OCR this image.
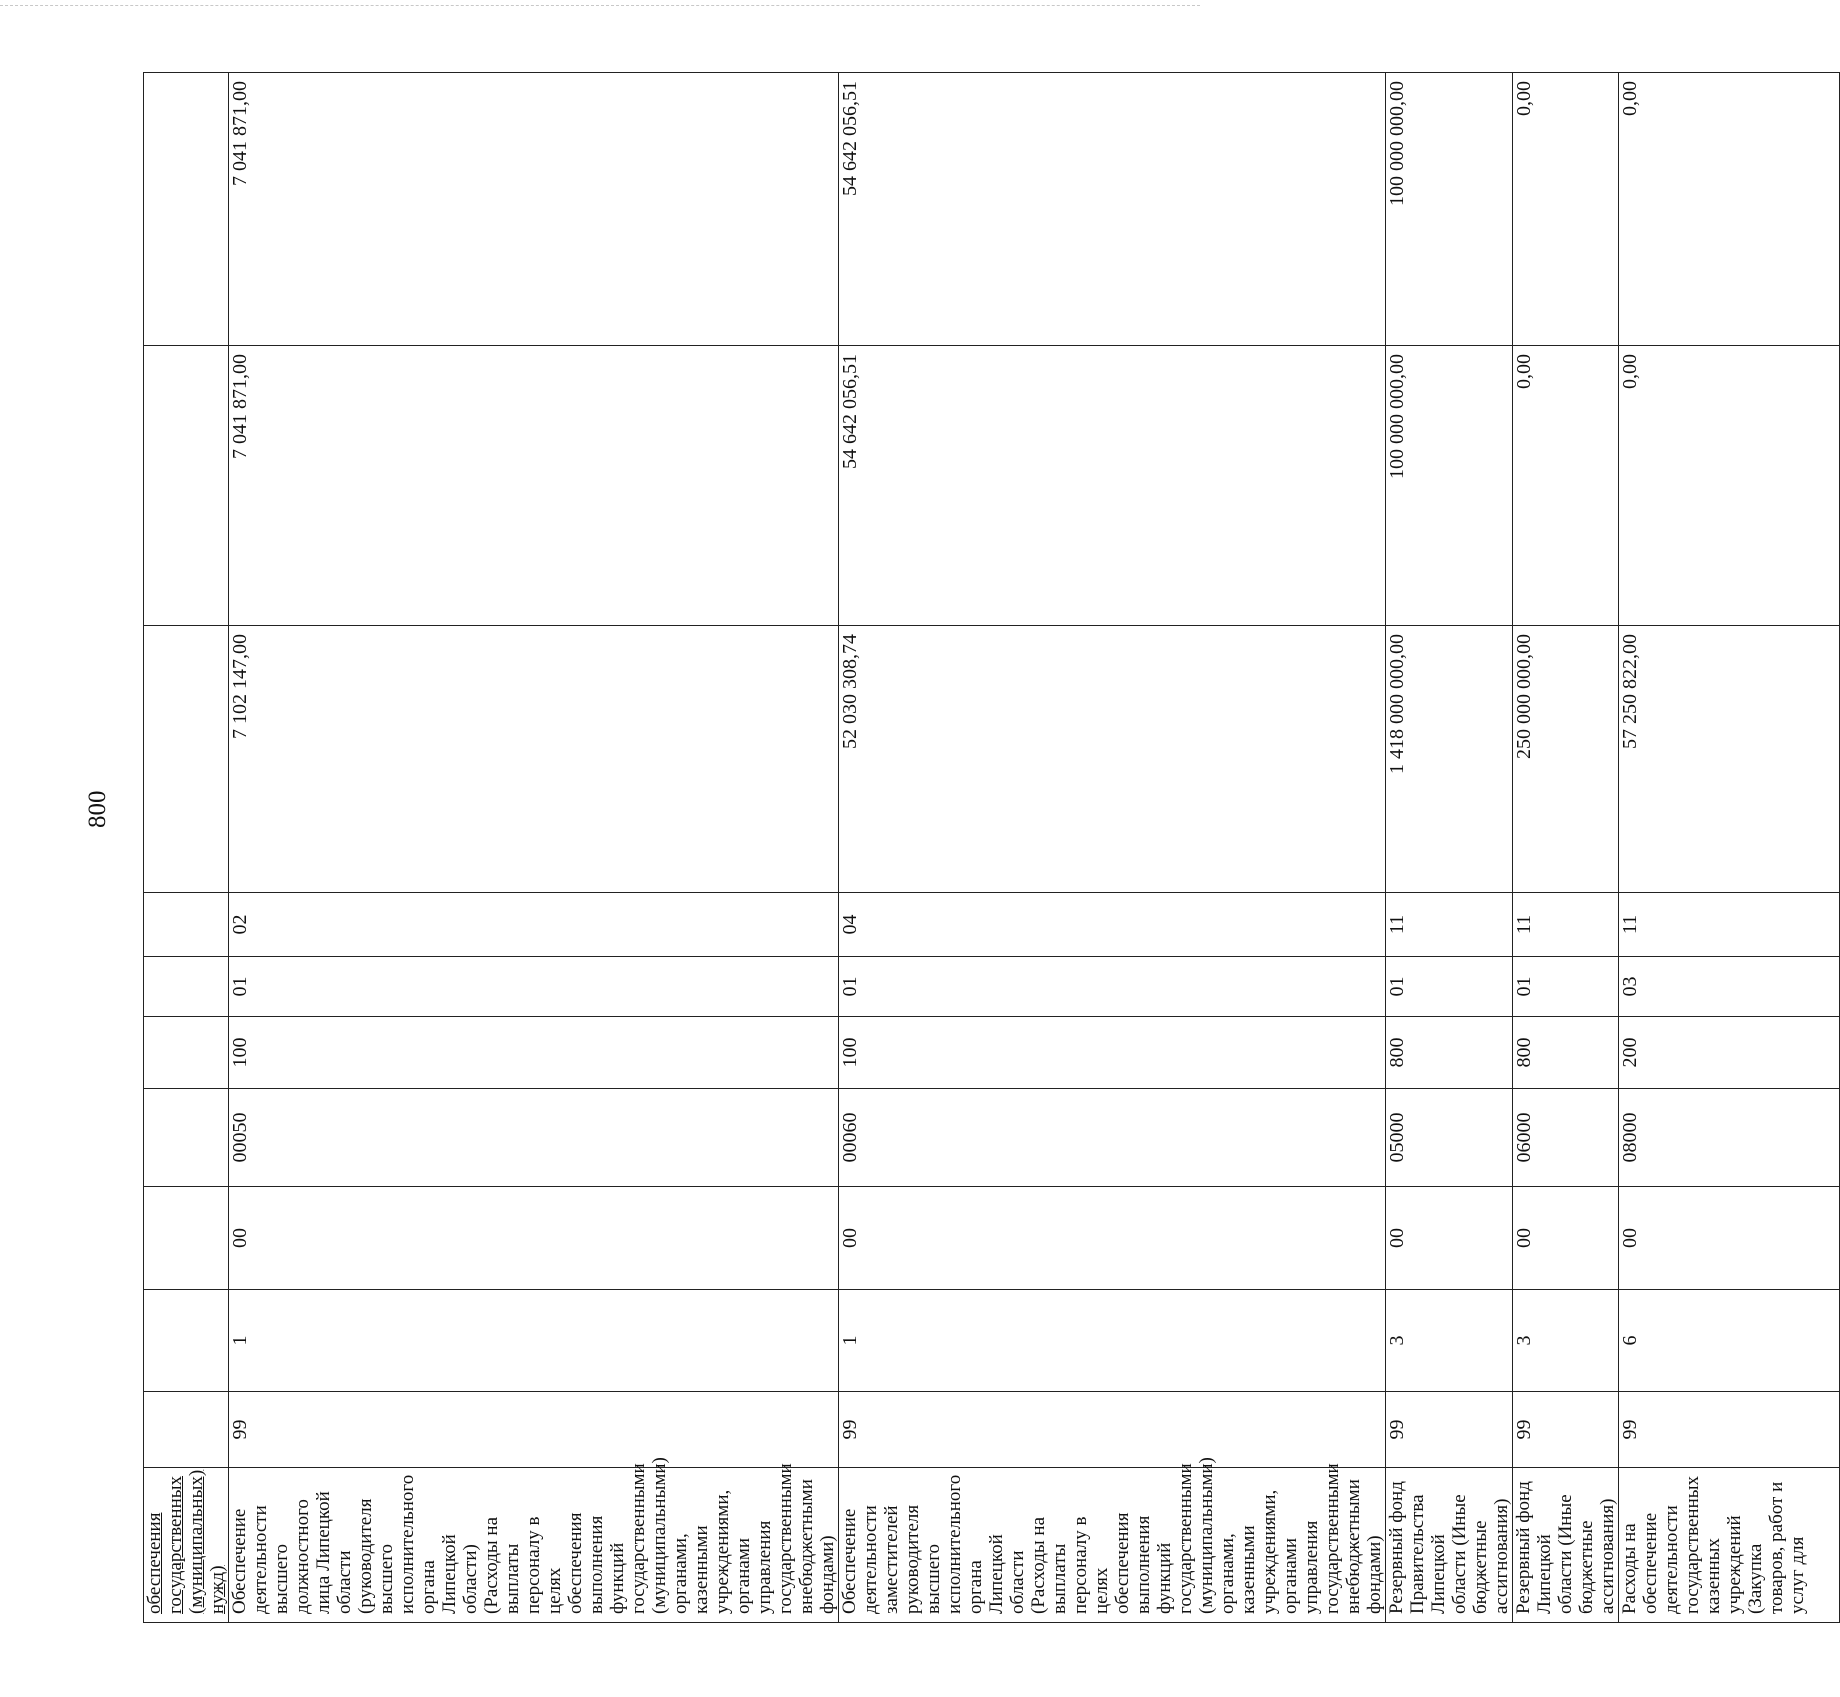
800
обеспечения государственных (муниципальных) нужд)										
Обеспечение деятельности высшего должностного лица Липецкой области (руководителя высшего исполнительного органа Липецкой области) (Расходы на выплаты персоналу в целях обеспечения выполнения функций государственными (муниципальными) органами, казенными учреждениями, органами управления государственными внебюджетными фондами)	99	1	00	00050	100	01	02	7 102 147,00	7 041 871,00	7 041 871,00
Обеспечение деятельности заместителей руководителя высшего исполнительного органа Липецкой области (Расходы на выплаты персоналу в целях обеспечения выполнения функций государственными (муниципальными) органами, казенными учреждениями, органами управления государственными внебюджетными фондами)	99	1	00	00060	100	01	04	52 030 308,74	54 642 056,51	54 642 056,51
Резервный фонд Правительства Липецкой области (Иные бюджетные ассигнования)	99	3	00	05000	800	01	11	1 418 000 000,00	100 000 000,00	100 000 000,00
Резервный фонд Липецкой области (Иные бюджетные ассигнования)	99	3	00	06000	800	01	11	250 000 000,00	0,00	0,00
Расходы на обеспечение деятельности государственных казенных учреждений (Закупка товаров, работ и услуг для	99	6	00	08000	200	03	11	57 250 822,00	0,00	0,00
